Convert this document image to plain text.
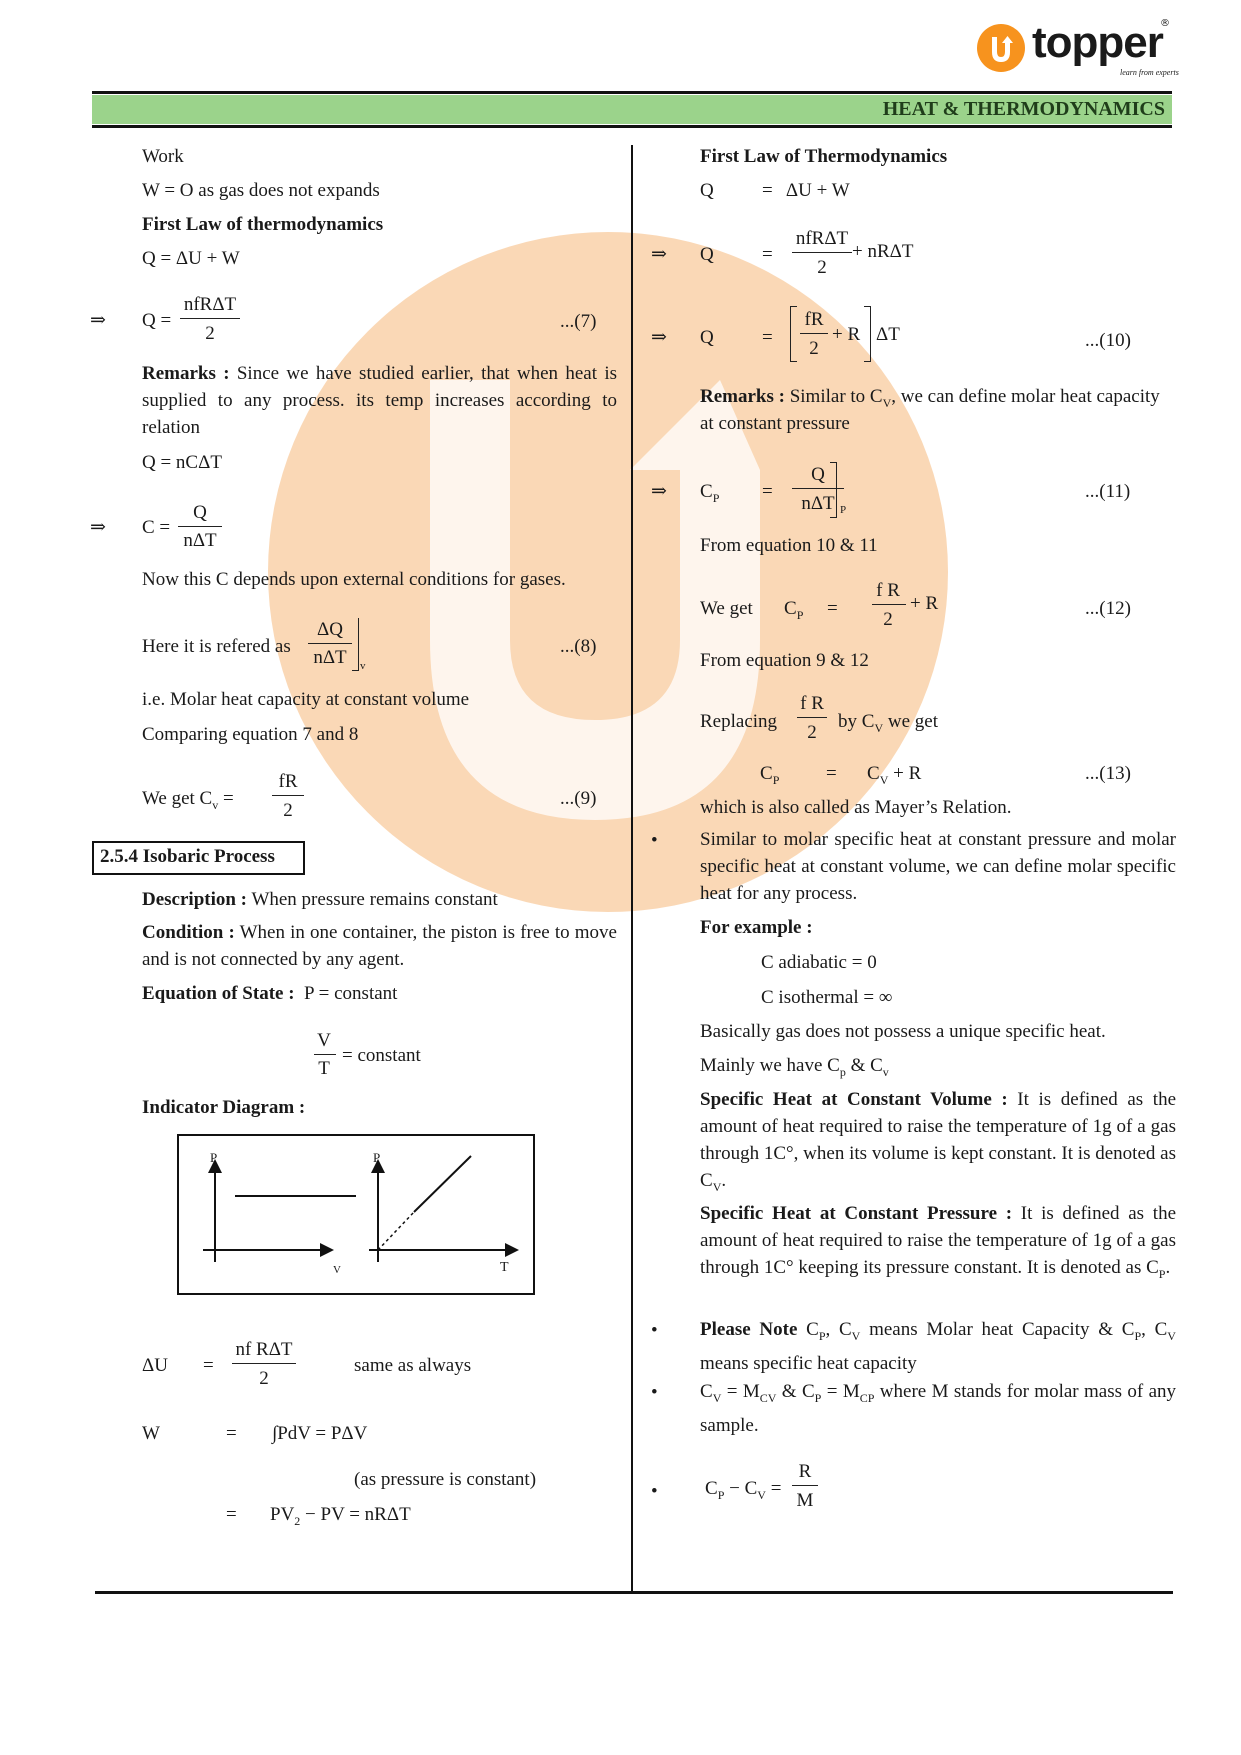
topper
®
learn from experts
HEAT & THERMODYNAMICS
Work
W = O as gas does not expands
First Law of thermodynamics
Q = ΔU + W
⇒ Q =
nfRΔT
2
...(7)
Remarks : Since we have studied earlier, that when heat is supplied to any process. its temp increases according to relation
Q = nCΔT
⇒ C =
Q
nΔT
Now this C depends upon external conditions for gases.
Here it is refered as
ΔQ
nΔT	v
...(8)
i.e. Molar heat capacity at constant volume
Comparing equation 7 and 8
We get $C_v$ =
fR
2
...(9)
2.5.4 Isobaric Process
Description : When pressure remains constant
Condition : When in one container, the piston is free to move and is not connected by any agent.
Equation of State : P = constant
V
T
= constant
Indicator Diagram :
P
V
P
T
ΔU =
nf RΔT
2
same as always
W	= ∫PdV = PΔV
(as pressure is constant)
= $PV_2$ − PV = nRΔT
First Law of Thermodynamics
Q	=   ΔU + W
⇒ Q	=
nfRΔT
2
+ nRΔT
⇒ Q	=
fR
2
+ R ΔT	...(10)
Remarks : Similar to $C_V$, we can define molar heat capacity
at constant pressure
⇒ $C_P$ =
Q
nΔT P
...(11)
From equation 10 & 11
We get $C_P$ =
f R
2
+ R	...(12)
From equation 9 & 12
Replacing
f R
2
by $C_V$ we get
$C_P = C_V + R$	...(13)
which is also called as Mayer’s Relation.
• Similar to molar specific heat at constant pressure and molar specific heat at constant volume, we can define molar specific heat for any process.
For example :
C adiabatic = 0
C isothermal = ∞
Basically gas does not possess a unique specific heat.
Mainly we have $C_p$ & $C_v$
Specific Heat at Constant Volume : It is defined as the amount of heat required to raise the temperature of 1g of a gas through 1C°, when its volume is kept constant. It is denoted as $C_V$.
Specific Heat at Constant Pressure : It is defined as the amount of heat required to raise the temperature of 1g of a gas through 1C° keeping its pressure constant. It is denoted as $C_P$.
• Please Note $C_P$, $C_V$ means Molar heat Capacity & $C_P$, $C_V$ means specific heat capacity
• $C_V = M_{CV}$ & $C_P = M_{CP}$ where M stands for molar mass of any sample.
• $C_P - C_V$ =
R
M
